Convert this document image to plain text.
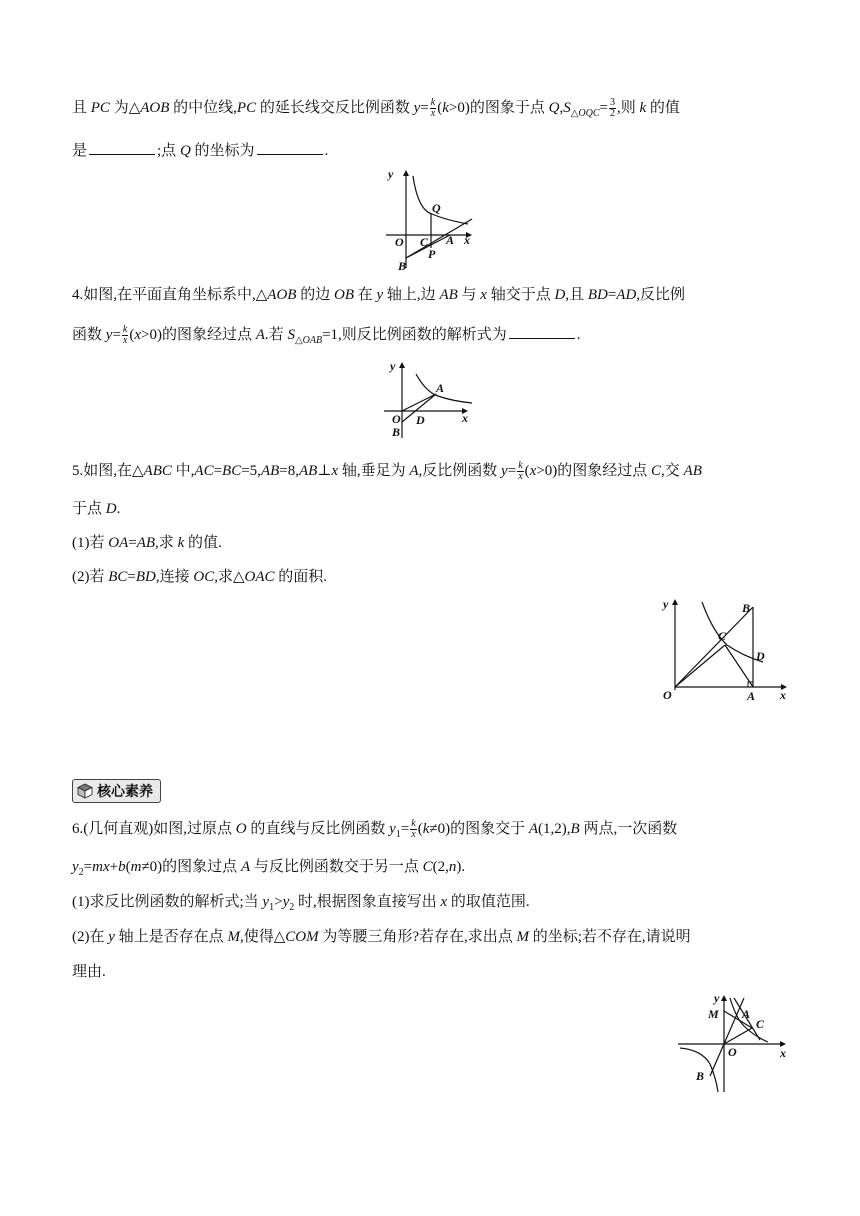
且 PC 为△AOB 的中位线,PC 的延长线交反比例函数 $y= \frac{k}{x} (k>0)$的图象于点 $Q,S_{\triangle OQC}= \frac{3}{2}$ ,则 k 的值
是	;点 Q 的坐标为	.
y
Q
O C A x
P
B
4.如图,在平面直角坐标系中,△AOB 的边 OB 在 y 轴上,边 AB 与 x 轴交于点 D,且 BD=AD,反比例
函数 $y= \frac{k}{x} (x>0)$的图象经过点 A.若 $S_{\triangle OAB}=1$,则反比例函数的解析式为	.
y
A
O D	x
B
5.如图,在△ABC 中,AC=BC=5,AB=8,AB⊥x 轴,垂足为 A,反比例函数 $y= \frac{k}{x} (x>0)$的图象经过点 C,交 AB
于点 D.
(1)若 OA=AB,求 k 的值.
(2)若 BC=BD,连接 OC,求△OAC 的面积.
y	B
C
D
O	A x
核心素养
6.(几何直观)如图,过原点 O 的直线与反比例函数 $y_1= \frac{k}{x} (k\ne 0)$的图象交于 A(1,2),B 两点,一次函数
$y_2=mx+b(m\ne 0)$的图象过点 A 与反比例函数交于另一点 C(2,n).
(1)求反比例函数的解析式;当 $y_1>y_2$ 时,根据图象直接写出 x 的取值范围.
(2)在 y 轴上是否存在点 M,使得△COM 为等腰三角形?若存在,求出点 M 的坐标;若不存在,请说明
理由.
y
M A
C
O	x
B
